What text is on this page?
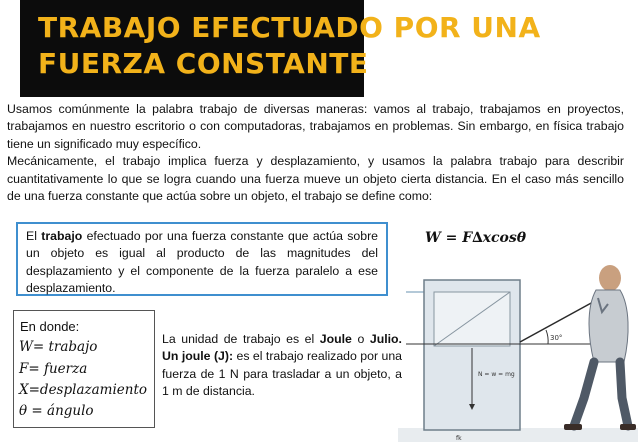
TRABAJO EFECTUADO POR UNA
FUERZA CONSTANTE

Usamos comúnmente la palabra trabajo de diversas maneras: vamos al trabajo, trabajamos en proyectos, trabajamos en nuestro escritorio o con computadoras, trabajamos en problemas. Sin embargo, en física trabajo tiene un significado muy específico.

Mecánicamente, el trabajo implica fuerza y desplazamiento, y usamos la palabra trabajo para describir cuantitativamente lo que se logra cuando una fuerza mueve un objeto cierta distancia. En el caso más sencillo de una fuerza constante que actúa sobre un objeto, el trabajo se define como:

El trabajo efectuado por una fuerza constante que actúa sobre un objeto es igual al producto de las magnitudes del desplazamiento y el componente de la fuerza paralelo a ese desplazamiento.
𝑾 = 𝑭∆𝒙𝒄𝒐𝒔𝜽
En donde:
W= trabajo
F= fuerza
X=desplazamiento
θ = ángulo
La unidad de trabajo es el Joule o Julio. Un joule (J): es el trabajo realizado por una fuerza de 1 N para trasladar a un objeto, a 1 m de distancia.
30°
N = w = mg
fk
